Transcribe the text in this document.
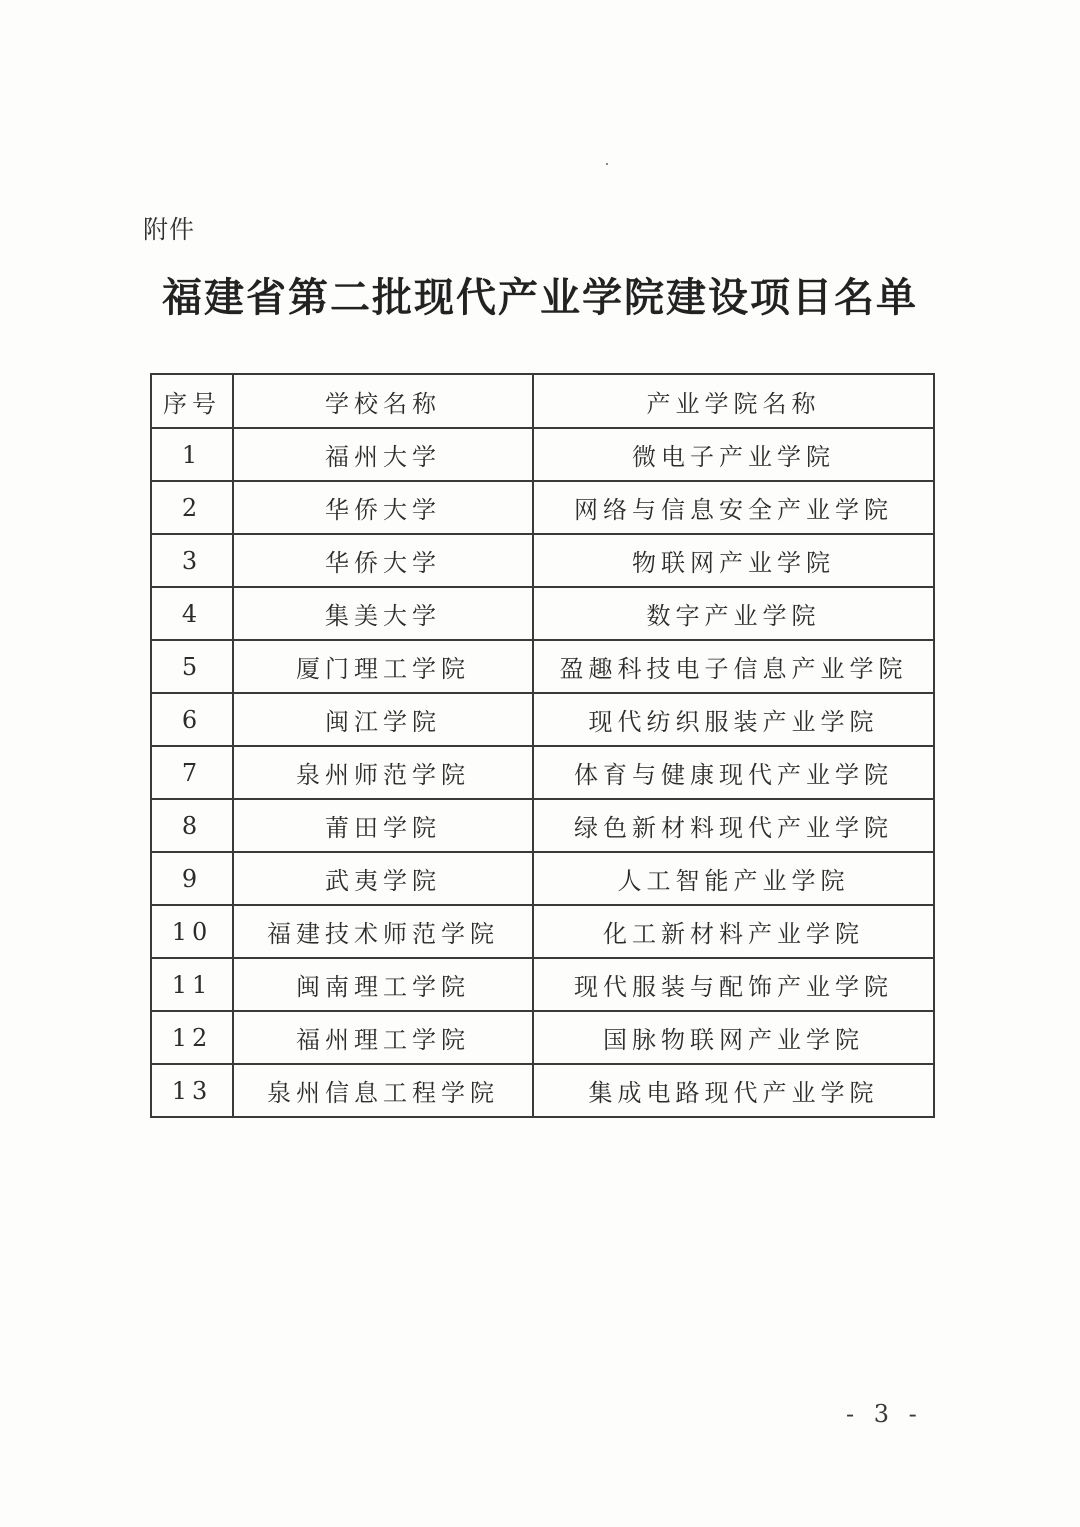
附件
福建省第二批现代产业学院建设项目名单
序号	学校名称	产业学院名称
1	福州大学	微电子产业学院
2	华侨大学	网络与信息安全产业学院
3	华侨大学	物联网产业学院
4	集美大学	数字产业学院
5	厦门理工学院	盈趣科技电子信息产业学院
6	闽江学院	现代纺织服装产业学院
7	泉州师范学院	体育与健康现代产业学院
8	莆田学院	绿色新材料现代产业学院
9	武夷学院	人工智能产业学院
10	福建技术师范学院	化工新材料产业学院
11	闽南理工学院	现代服装与配饰产业学院
12	福州理工学院	国脉物联网产业学院
13	泉州信息工程学院	集成电路现代产业学院
- 3 -
